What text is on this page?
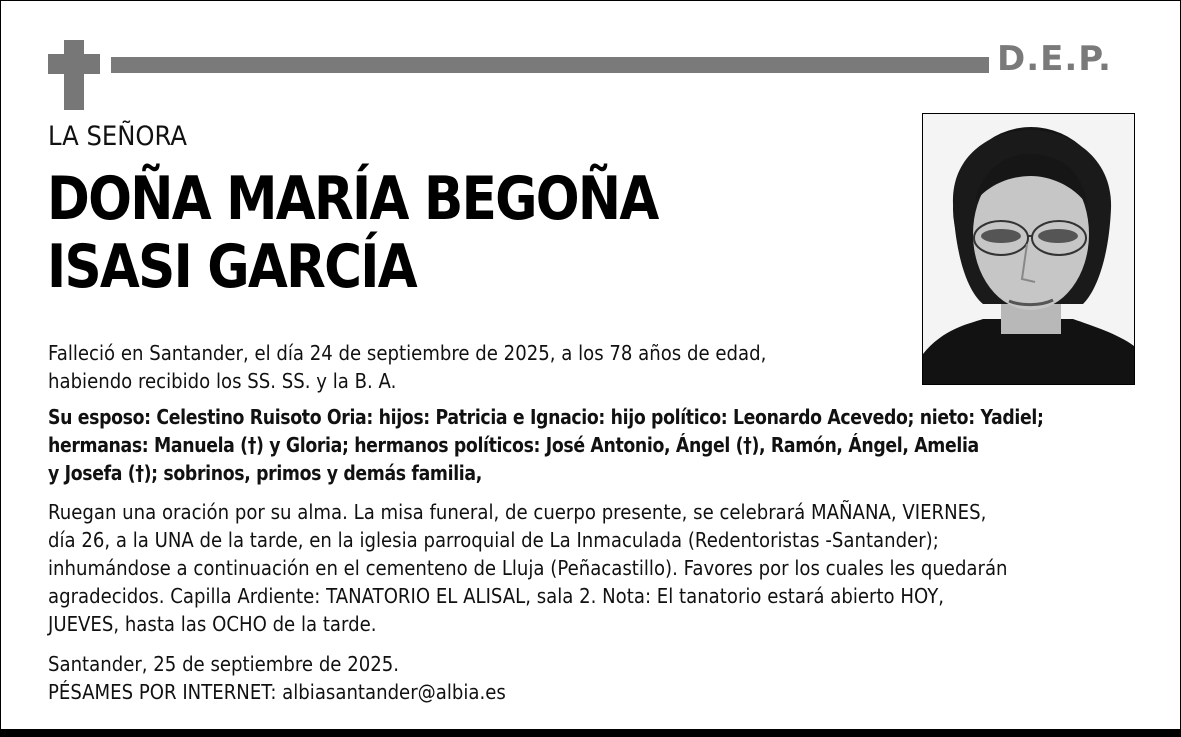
D.E.P.
LA SEÑORA
DOÑA MARÍA BEGOÑA
ISASI GARCÍA
Falleció en Santander, el día 24 de septiembre de 2025, a los 78 años de edad,
habiendo recibido los SS. SS. y la B. A.
Su esposo: Celestino Ruisoto Oria: hijos: Patricia e Ignacio: hijo político: Leonardo Acevedo; nieto: Yadiel;
hermanas: Manuela (†) y Gloria; hermanos políticos: José Antonio, Ángel (†), Ramón, Ángel, Amelia
y Josefa (†); sobrinos, primos y demás familia,
Ruegan una oración por su alma. La misa funeral, de cuerpo presente, se celebrará MAÑANA, VIERNES,
día 26, a la UNA de la tarde, en la iglesia parroquial de La Inmaculada (Redentoristas -Santander);
inhumándose a continuación en el cementeno de Lluja (Peñacastillo). Favores por los cuales les quedarán
agradecidos. Capilla Ardiente: TANATORIO EL ALISAL, sala 2. Nota: El tanatorio estará abierto HOY,
JUEVES, hasta las OCHO de la tarde.
Santander, 25 de septiembre de 2025.
PÉSAMES POR INTERNET: albiasantander@albia.es
